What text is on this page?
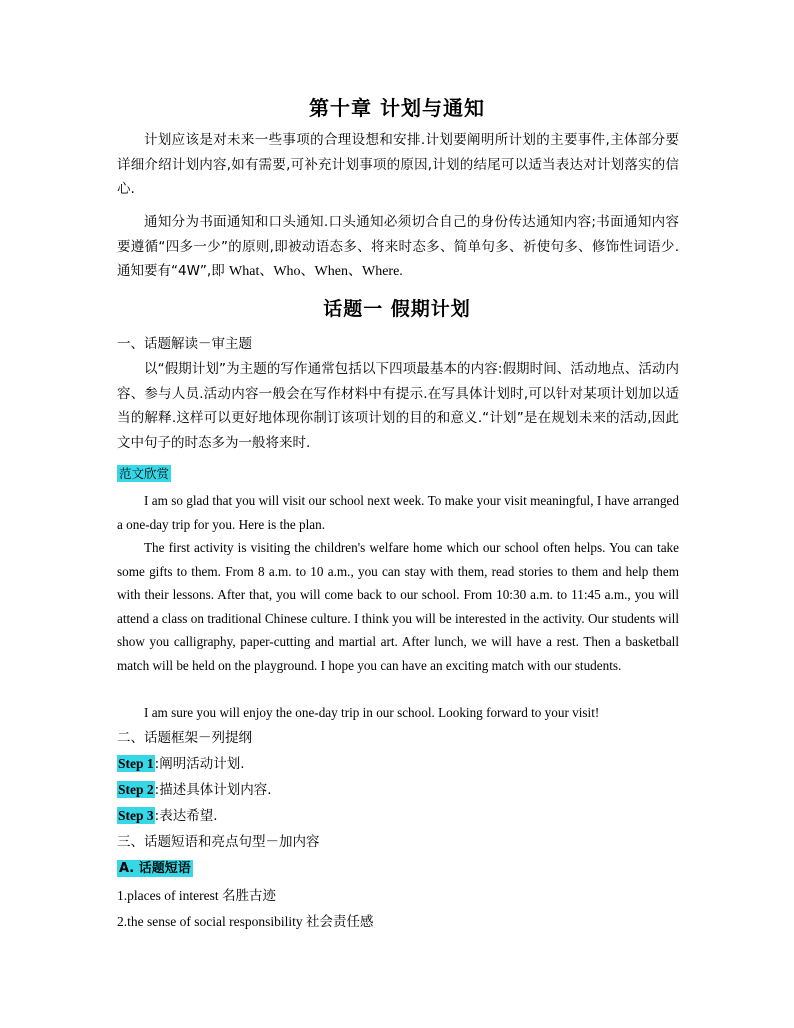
第十章 计划与通知
计划应该是对未来一些事项的合理设想和安排.计划要阐明所计划的主要事件,主体部分要详细介绍计划内容,如有需要,可补充计划事项的原因,计划的结尾可以适当表达对计划落实的信心.
通知分为书面通知和口头通知.口头通知必须切合自己的身份传达通知内容;书面通知内容要遵循“四多一少”的原则,即被动语态多、将来时态多、简单句多、祈使句多、修饰性词语少.通知要有“4W”,即 What、Who、When、Where.
话题一 假期计划
一、话题解读－审主题
以“假期计划”为主题的写作通常包括以下四项最基本的内容:假期时间、活动地点、活动内容、参与人员.活动内容一般会在写作材料中有提示.在写具体计划时,可以针对某项计划加以适当的解释.这样可以更好地体现你制订该项计划的目的和意义.“计划”是在规划未来的活动,因此文中句子的时态多为一般将来时.
范文欣赏
I am so glad that you will visit our school next week. To make your visit meaningful, I have arranged a one-day trip for you. Here is the plan.
The first activity is visiting the children's welfare home which our school often helps. You can take some gifts to them. From 8 a.m. to 10 a.m., you can stay with them, read stories to them and help them with their lessons. After that, you will come back to our school. From 10:30 a.m. to 11:45 a.m., you will attend a class on traditional Chinese culture. I think you will be interested in the activity. Our students will show you calligraphy, paper-cutting and martial art. After lunch, we will have a rest. Then a basketball match will be held on the playground. I hope you can have an exciting match with our students.
I am sure you will enjoy the one-day trip in our school. Looking forward to your visit!
二、话题框架－列提纲
Step 1:阐明活动计划.
Step 2:描述具体计划内容.
Step 3:表达希望.
三、话题短语和亮点句型－加内容
A. 话题短语
1.places of interest 名胜古迹
2.the sense of social responsibility 社会责任感
